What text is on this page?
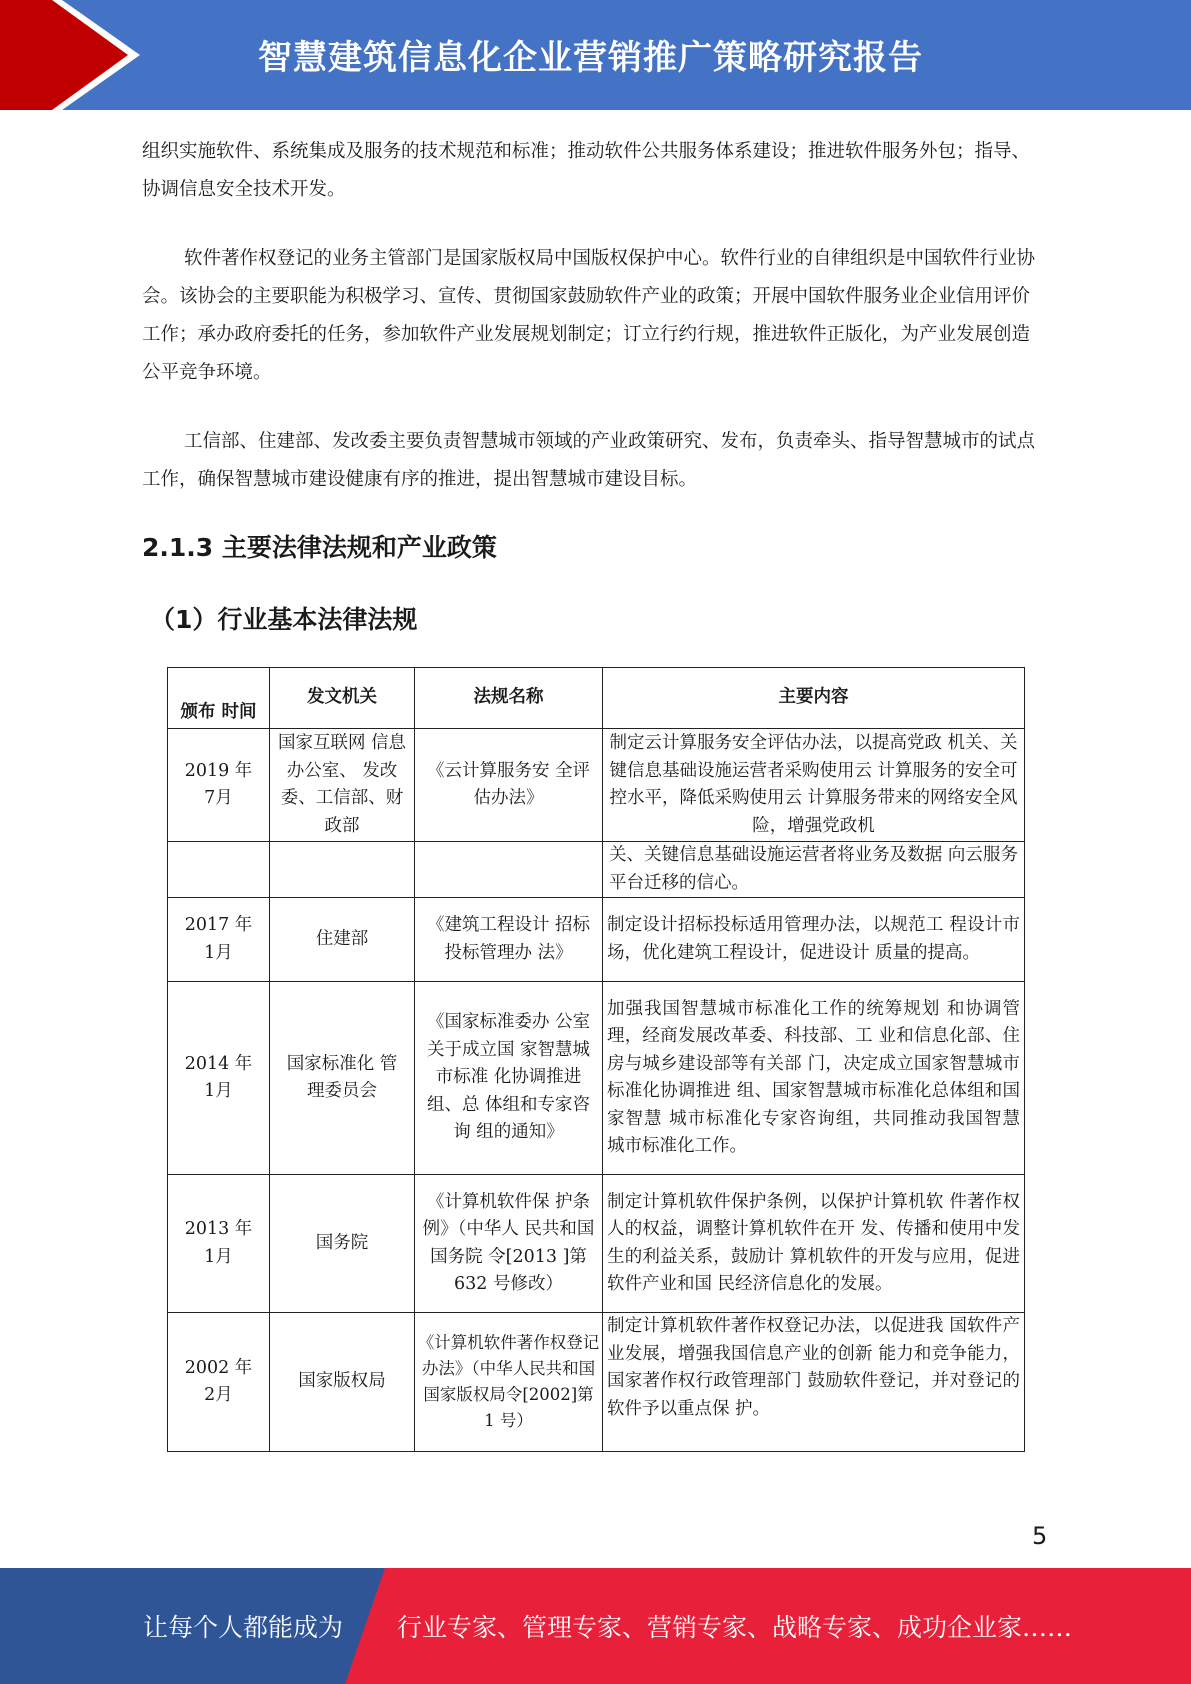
智慧建筑信息化企业营销推广策略研究报告

组织实施软件、系统集成及服务的技术规范和标准；推动软件公共服务体系建设；推进软件服务外包；指导、协调信息安全技术开发。

软件著作权登记的业务主管部门是国家版权局中国版权保护中心。软件行业的自律组织是中国软件行业协会。该协会的主要职能为积极学习、宣传、贯彻国家鼓励软件产业的政策；开展中国软件服务业企业信用评价工作；承办政府委托的任务，参加软件产业发展规划制定；订立行约行规，推进软件正版化，为产业发展创造公平竞争环境。

工信部、住建部、发改委主要负责智慧城市领域的产业政策研究、发布，负责牵头、指导智慧城市的试点工作，确保智慧城市建设健康有序的推进，提出智慧城市建设目标。

2.1.3 主要法律法规和产业政策
（1）行业基本法律法规
颁布 时间	发文机关	法规名称	主要内容
2019 年 7月	国家互联网 信息办公室、 发改委、工信部、财政部	《云计算服务安 全评估办法》	制定云计算服务安全评估办法，以提高党政 机关、关键信息基础设施运营者采购使用云 计算服务的安全可控水平，降低采购使用云 计算服务带来的网络安全风险，增强党政机
			关、关键信息基础设施运营者将业务及数据 向云服务平台迁移的信心。
2017 年 1月	住建部	《建筑工程设计 招标投标管理办 法》	制定设计招标投标适用管理办法，以规范工 程设计市场，优化建筑工程设计，促进设计 质量的提高。
2014 年 1月	国家标准化 管理委员会	《国家标准委办 公室关于成立国 家智慧城市标准 化协调推进组、总 体组和专家咨询 组的通知》	加强我国智慧城市标准化工作的统筹规划 和协调管理，经商发展改革委、科技部、工 业和信息化部、住房与城乡建设部等有关部 门，决定成立国家智慧城市标准化协调推进 组、国家智慧城市标准化总体组和国家智慧 城市标准化专家咨询组，共同推动我国智慧 城市标准化工作。
2013 年 1月	国务院	《计算机软件保 护条例》（中华人 民共和国国务院 令[2013 ]第 632 号修改）	制定计算机软件保护条例，以保护计算机软 件著作权人的权益，调整计算机软件在开 发、传播和使用中发生的利益关系，鼓励计 算机软件的开发与应用，促进软件产业和国 民经济信息化的发展。
2002 年 2月	国家版权局	《计算机软件著作权登记办法》（中华人民共和国国家版权局令[2002]第 1 号）	制定计算机软件著作权登记办法，以促进我 国软件产业发展，增强我国信息产业的创新 能力和竞争能力，国家著作权行政管理部门 鼓励软件登记，并对登记的软件予以重点保 护。
5
让每个人都能成为 行业专家、管理专家、营销专家、战略专家、成功企业家……
